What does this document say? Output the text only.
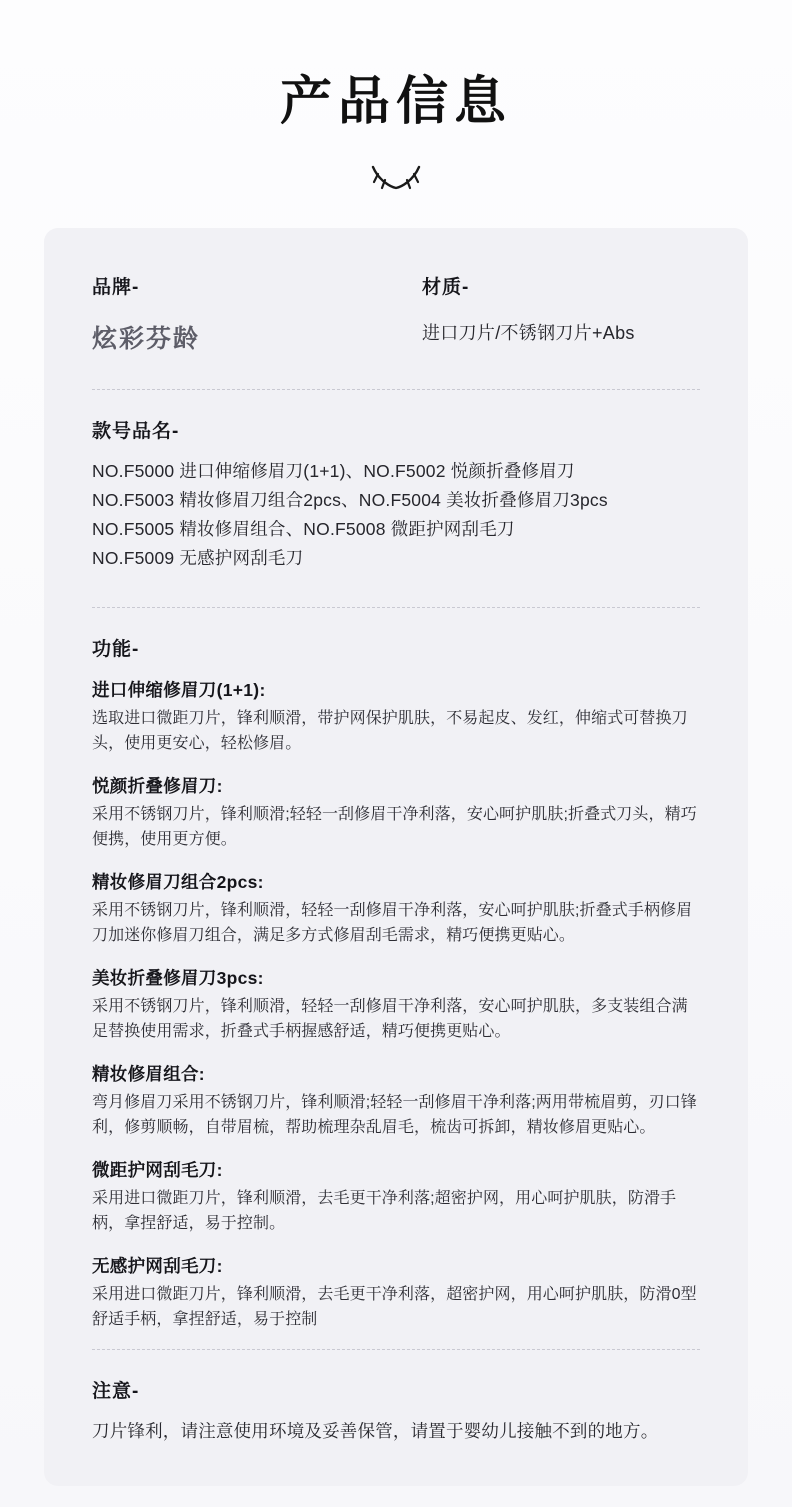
产品信息

品牌-

炫彩芬龄

材质-

进口刀片/不锈钢刀片+Abs

款号品名-

NO.F5000 进口伸缩修眉刀(1+1)、NO.F5002 悦颜折叠修眉刀
NO.F5003 精妆修眉刀组合2pcs、NO.F5004 美妆折叠修眉刀3pcs
NO.F5005 精妆修眉组合、NO.F5008 微距护网刮毛刀
NO.F5009 无感护网刮毛刀

功能-

进口伸缩修眉刀(1+1):

选取进口微距刀片，锋利顺滑，带护网保护肌肤，不易起皮、发红，伸缩式可替换刀头，使用更安心，轻松修眉。

悦颜折叠修眉刀:

采用不锈钢刀片，锋利顺滑;轻轻一刮修眉干净利落，安心呵护肌肤;折叠式刀头，精巧便携，使用更方便。

精妆修眉刀组合2pcs:

采用不锈钢刀片，锋利顺滑，轻轻一刮修眉干净利落，安心呵护肌肤;折叠式手柄修眉刀加迷你修眉刀组合，满足多方式修眉刮毛需求，精巧便携更贴心。

美妆折叠修眉刀3pcs:

采用不锈钢刀片，锋利顺滑，轻轻一刮修眉干净利落，安心呵护肌肤，多支装组合满足替换使用需求，折叠式手柄握感舒适，精巧便携更贴心。

精妆修眉组合:

弯月修眉刀采用不锈钢刀片，锋利顺滑;轻轻一刮修眉干净利落;两用带梳眉剪，刃口锋利，修剪顺畅，自带眉梳，帮助梳理杂乱眉毛，梳齿可拆卸，精妆修眉更贴心。

微距护网刮毛刀:

采用进口微距刀片，锋利顺滑，去毛更干净利落;超密护网，用心呵护肌肤，防滑手柄，拿捏舒适，易于控制。

无感护网刮毛刀:

采用进口微距刀片，锋利顺滑，去毛更干净利落，超密护网，用心呵护肌肤，防滑0型舒适手柄，拿捏舒适，易于控制

注意-

刀片锋利，请注意使用环境及妥善保管，请置于婴幼儿接触不到的地方。
